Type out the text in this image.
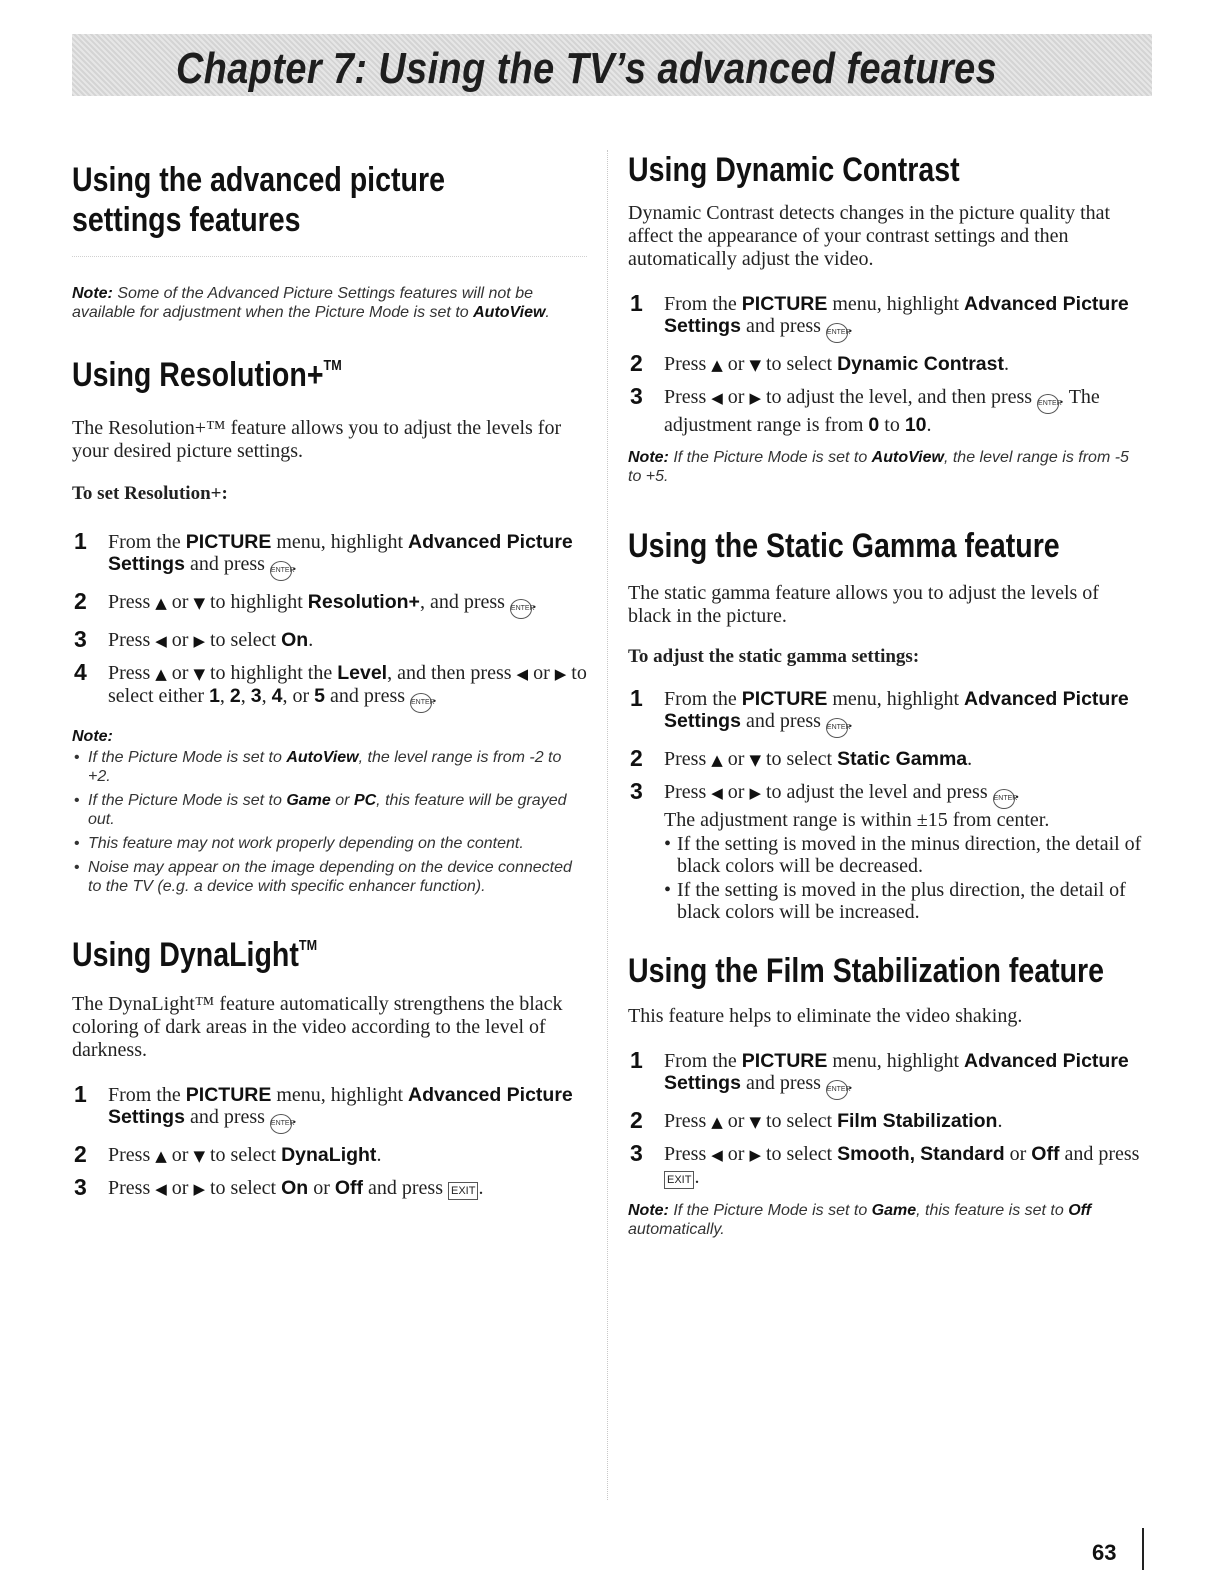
Chapter 7: Using the TV’s advanced features
Using the advanced picture
settings features

Note: Some of the Advanced Picture Settings features will not be available for adjustment when the Picture Mode is set to AutoView.

Using Resolution+™

The Resolution+™ feature allows you to adjust the levels for your desired picture settings.

To set Resolution+:

1 From the PICTURE menu, highlight Advanced Picture Settings and press ENTER.
2 Press ▲ or ▼ to highlight Resolution+, and press ENTER.
3 Press ◀ or ▶ to select On.
4 Press ▲ or ▼ to highlight the Level, and then press ◀ or ▶ to select either 1, 2, 3, 4, or 5 and press ENTER.

Note:

• If the Picture Mode is set to AutoView, the level range is from -2 to +2.
• If the Picture Mode is set to Game or PC, this feature will be grayed out.
• This feature may not work properly depending on the content.
• Noise may appear on the image depending on the device connected to the TV (e.g. a device with specific enhancer function).
Using DynaLight™

The DynaLight™ feature automatically strengthens the black coloring of dark areas in the video according to the level of darkness.

1 From the PICTURE menu, highlight Advanced Picture Settings and press ENTER.
2 Press ▲ or ▼ to select DynaLight.
3 Press ◀ or ▶ to select On or Off and press EXIT .
Using Dynamic Contrast

Dynamic Contrast detects changes in the picture quality that affect the appearance of your contrast settings and then automatically adjust the video.

1 From the PICTURE menu, highlight Advanced Picture Settings and press ENTER.
2 Press ▲ or ▼ to select Dynamic Contrast.
3 Press ◀ or ▶ to adjust the level, and then press ENTER. The adjustment range is from 0 to 10.

Note: If the Picture Mode is set to AutoView, the level range is from -5 to +5.

Using the Static Gamma feature

The static gamma feature allows you to adjust the levels of black in the picture.

To adjust the static gamma settings:

1 From the PICTURE menu, highlight Advanced Picture Settings and press ENTER.
2 Press ▲ or ▼ to select Static Gamma.
3 Press ◀ or ▶ to adjust the level and press ENTER.
The adjustment range is within ±15 from center.
• If the setting is moved in the minus direction, the detail of black colors will be decreased.
• If the setting is moved in the plus direction, the detail of black colors will be increased.
Using the Film Stabilization feature

This feature helps to eliminate the video shaking.

1 From the PICTURE menu, highlight Advanced Picture Settings and press ENTER.
2 Press ▲ or ▼ to select Film Stabilization.
3 Press ◀ or ▶ to select Smooth, Standard or Off and press EXIT .

Note: If the Picture Mode is set to Game, this feature is set to Off automatically.

63
